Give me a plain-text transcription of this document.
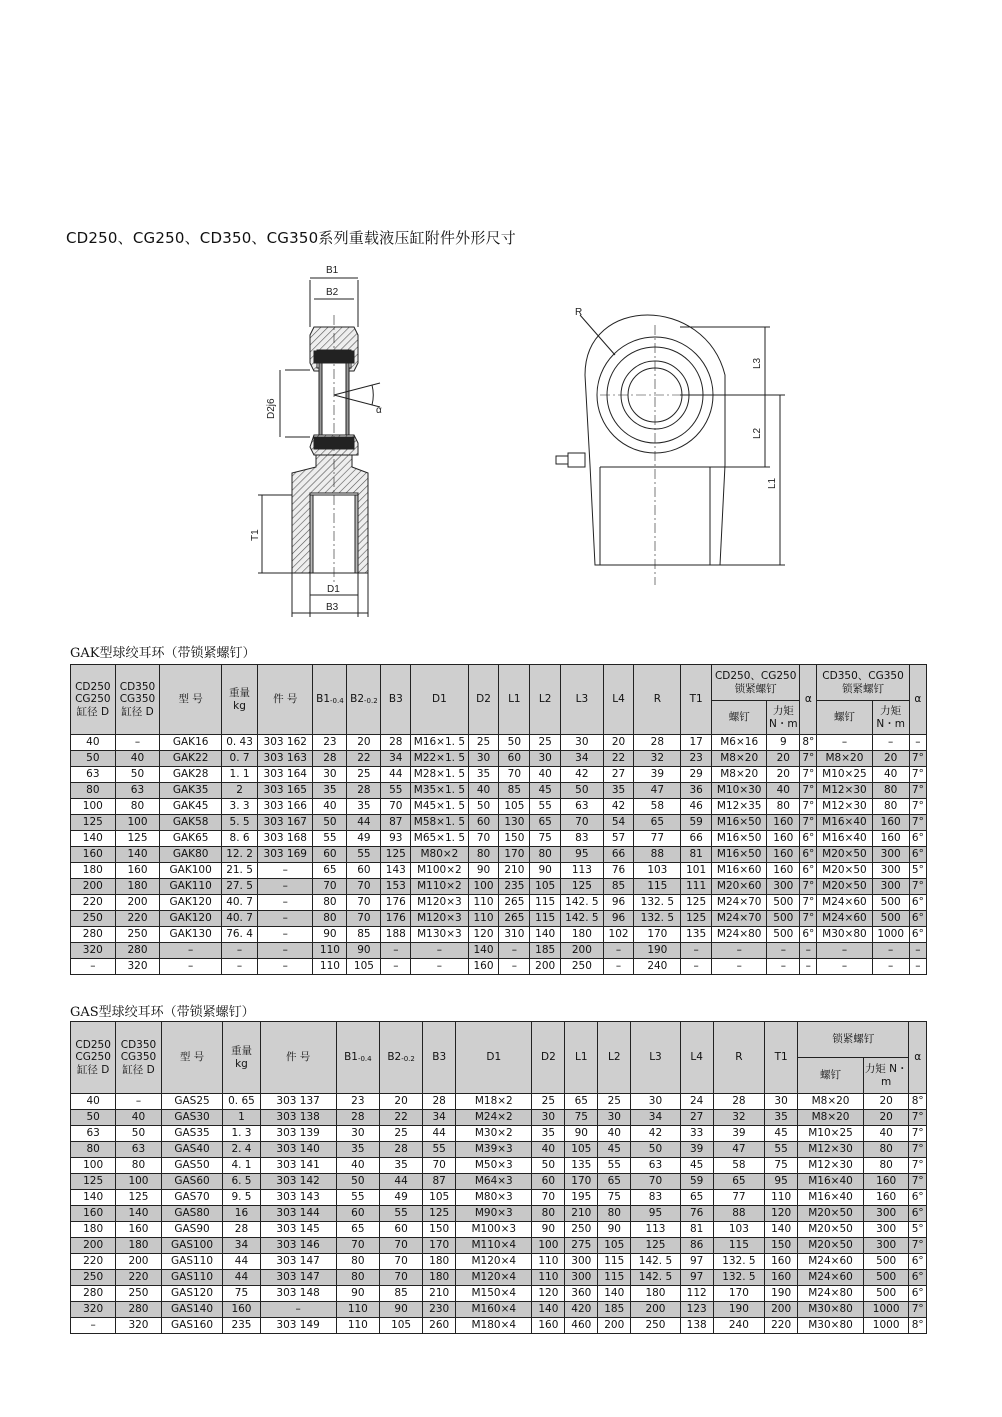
CD250、CG250、CD350、CG350系列重载液压缸附件外形尺寸
B1
B2
D2j6	α
T1
D1
B3
R
L3
L2
L1
GAK型球绞耳环（带锁紧螺钉）
CD250 CG250 缸径 D	CD350 CG350 缸径 D	型 号	重量 kg	件 号	B1-0.4	B2-0.2	B3	D1	D2	L1	L2	L3	L4	R	T1	CD250、CG250 锁紧螺钉		α	CD350、CG350 锁紧螺钉		α
																螺钉	力矩 N・m		螺钉	力矩 N・m	
40	–	GAK16	0. 43	303 162	23	20	28	M16×1. 5	25	50	25	30	20	28	17	M6×16	9	8°	–	–	–
50	40	GAK22	0. 7	303 163	28	22	34	M22×1. 5	30	60	30	34	22	32	23	M8×20	20	7°	M8×20	20	7°
63	50	GAK28	1. 1	303 164	30	25	44	M28×1. 5	35	70	40	42	27	39	29	M8×20	20	7°	M10×25	40	7°
80	63	GAK35	2	303 165	35	28	55	M35×1. 5	40	85	45	50	35	47	36	M10×30	40	7°	M12×30	80	7°
100	80	GAK45	3. 3	303 166	40	35	70	M45×1. 5	50	105	55	63	42	58	46	M12×35	80	7°	M12×30	80	7°
125	100	GAK58	5. 5	303 167	50	44	87	M58×1. 5	60	130	65	70	54	65	59	M16×50	160	7°	M16×40	160	7°
140	125	GAK65	8. 6	303 168	55	49	93	M65×1. 5	70	150	75	83	57	77	66	M16×50	160	6°	M16×40	160	6°
160	140	GAK80	12. 2	303 169	60	55	125	M80×2	80	170	80	95	66	88	81	M16×50	160	6°	M20×50	300	6°
180	160	GAK100	21. 5	–	65	60	143	M100×2	90	210	90	113	76	103	101	M16×60	160	6°	M20×50	300	5°
200	180	GAK110	27. 5	–	70	70	153	M110×2	100	235	105	125	85	115	111	M20×60	300	7°	M20×50	300	7°
220	200	GAK120	40. 7	–	80	70	176	M120×3	110	265	115	142. 5	96	132. 5	125	M24×70	500	7°	M24×60	500	6°
250	220	GAK120	40. 7	–	80	70	176	M120×3	110	265	115	142. 5	96	132. 5	125	M24×70	500	7°	M24×60	500	6°
280	250	GAK130	76. 4	–	90	85	188	M130×3	120	310	140	180	102	170	135	M24×80	500	6°	M30×80	1000	6°
320	280	–	–	–	110	90	–	–	140	–	185	200	–	190	–	–	–	–	–	–	–
–	320	–	–	–	110	105	–	–	160	–	200	250	–	240	–	–	–	–	–	–	–
GAS型球绞耳环（带锁紧螺钉）
CD250 CG250 缸径 D	CD350 CG350 缸径 D	型 号	重量 kg	件 号	B1-0.4	B2-0.2	B3	D1	D2	L1	L2	L3	L4	R	T1	锁紧螺钉		α
																螺钉	力矩 N・m	
40	–	GAS25	0. 65	303 137	23	20	28	M18×2	25	65	25	30	24	28	30	M8×20	20	8°
50	40	GAS30	1	303 138	28	22	34	M24×2	30	75	30	34	27	32	35	M8×20	20	7°
63	50	GAS35	1. 3	303 139	30	25	44	M30×2	35	90	40	42	33	39	45	M10×25	40	7°
80	63	GAS40	2. 4	303 140	35	28	55	M39×3	40	105	45	50	39	47	55	M12×30	80	7°
100	80	GAS50	4. 1	303 141	40	35	70	M50×3	50	135	55	63	45	58	75	M12×30	80	7°
125	100	GAS60	6. 5	303 142	50	44	87	M64×3	60	170	65	70	59	65	95	M16×40	160	7°
140	125	GAS70	9. 5	303 143	55	49	105	M80×3	70	195	75	83	65	77	110	M16×40	160	6°
160	140	GAS80	16	303 144	60	55	125	M90×3	80	210	80	95	76	88	120	M20×50	300	6°
180	160	GAS90	28	303 145	65	60	150	M100×3	90	250	90	113	81	103	140	M20×50	300	5°
200	180	GAS100	34	303 146	70	70	170	M110×4	100	275	105	125	86	115	150	M20×50	300	7°
220	200	GAS110	44	303 147	80	70	180	M120×4	110	300	115	142. 5	97	132. 5	160	M24×60	500	6°
250	220	GAS110	44	303 147	80	70	180	M120×4	110	300	115	142. 5	97	132. 5	160	M24×60	500	6°
280	250	GAS120	75	303 148	90	85	210	M150×4	120	360	140	180	112	170	190	M24×80	500	6°
320	280	GAS140	160	–	110	90	230	M160×4	140	420	185	200	123	190	200	M30×80	1000	7°
–	320	GAS160	235	303 149	110	105	260	M180×4	160	460	200	250	138	240	220	M30×80	1000	8°
